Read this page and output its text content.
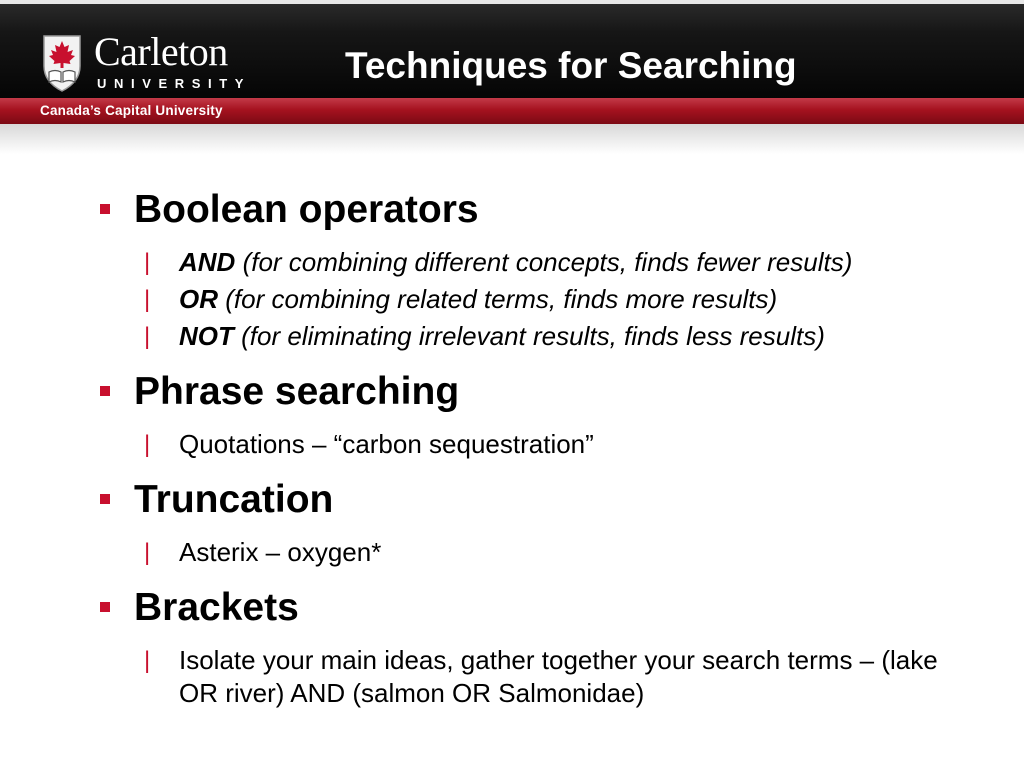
Carleton
UNIVERSITY
Canada’s Capital University
Techniques for Searching
Boolean operators
| AND (for combining different concepts, finds fewer results)
| OR (for combining related terms, finds more results)
| NOT (for eliminating irrelevant results, finds less results)
Phrase searching
| Quotations – “carbon sequestration”
Truncation
| Asterix – oxygen*
Brackets
| Isolate your main ideas, gather together your search terms – (lake OR river) AND (salmon OR Salmonidae)
